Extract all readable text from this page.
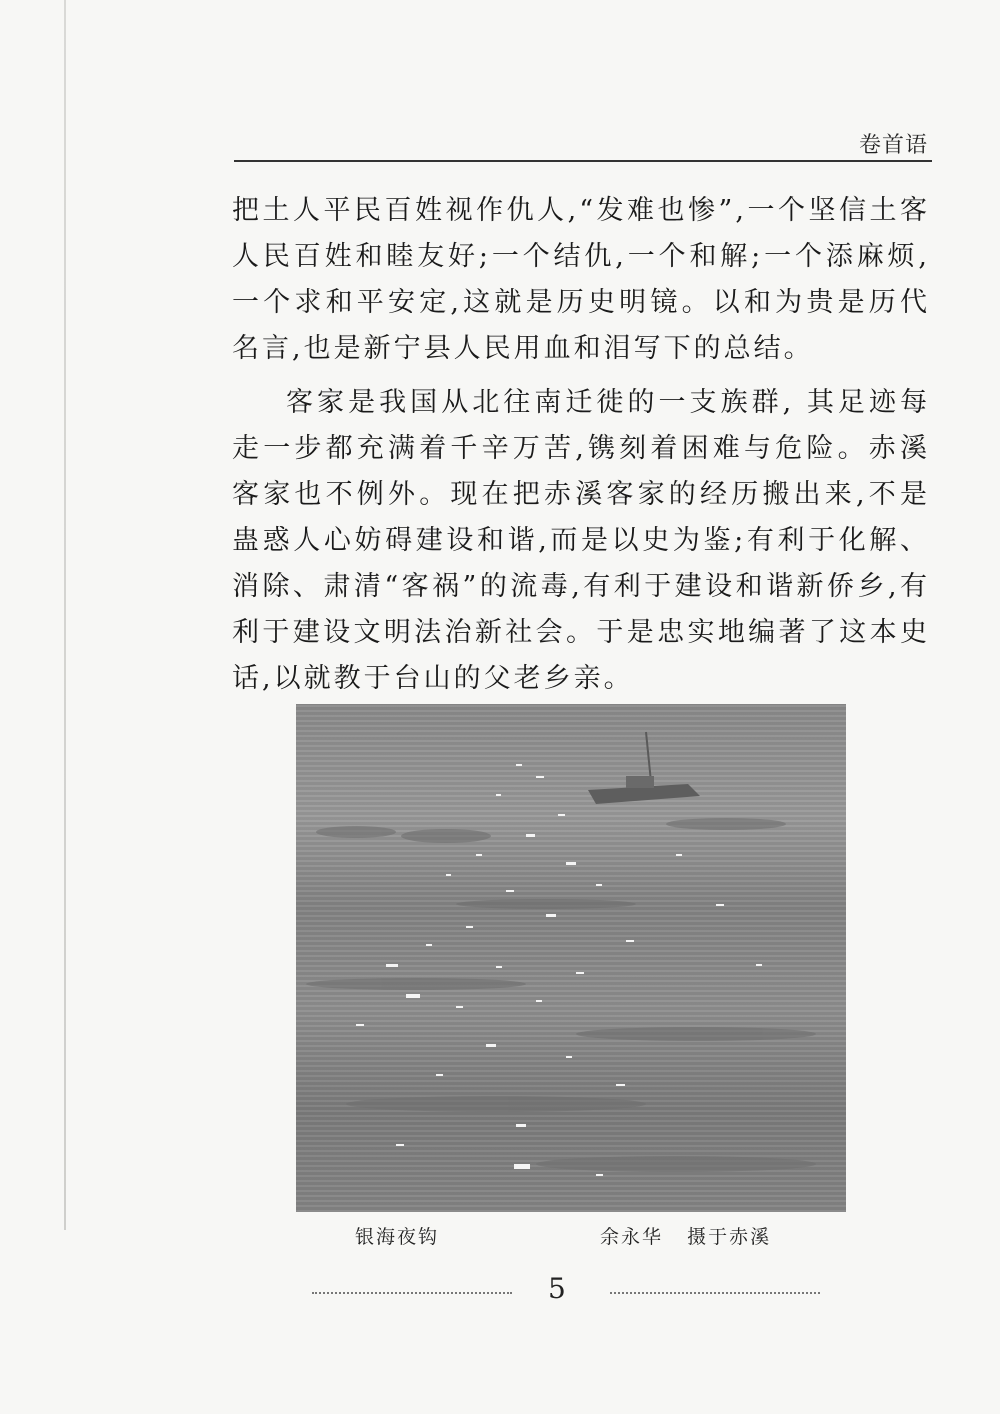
卷首语

把土人平民百姓视作仇人,“发难也惨”,一个坚信土客人民百姓和睦友好;一个结仇,一个和解;一个添麻烦,一个求和平安定,这就是历史明镜。以和为贵是历代名言,也是新宁县人民用血和泪写下的总结。

客家是我国从北往南迁徙的一支族群, 其足迹每走一步都充满着千辛万苦,镌刻着困难与危险。赤溪客家也不例外。现在把赤溪客家的经历搬出来,不是蛊惑人心妨碍建设和谐,而是以史为鉴;有利于化解、消除、肃清“客祸”的流毒,有利于建设和谐新侨乡,有利于建设文明法治新社会。于是忠实地编著了这本史话,以就教于台山的父老乡亲。

银海夜钩	余永华   摄于赤溪
5
